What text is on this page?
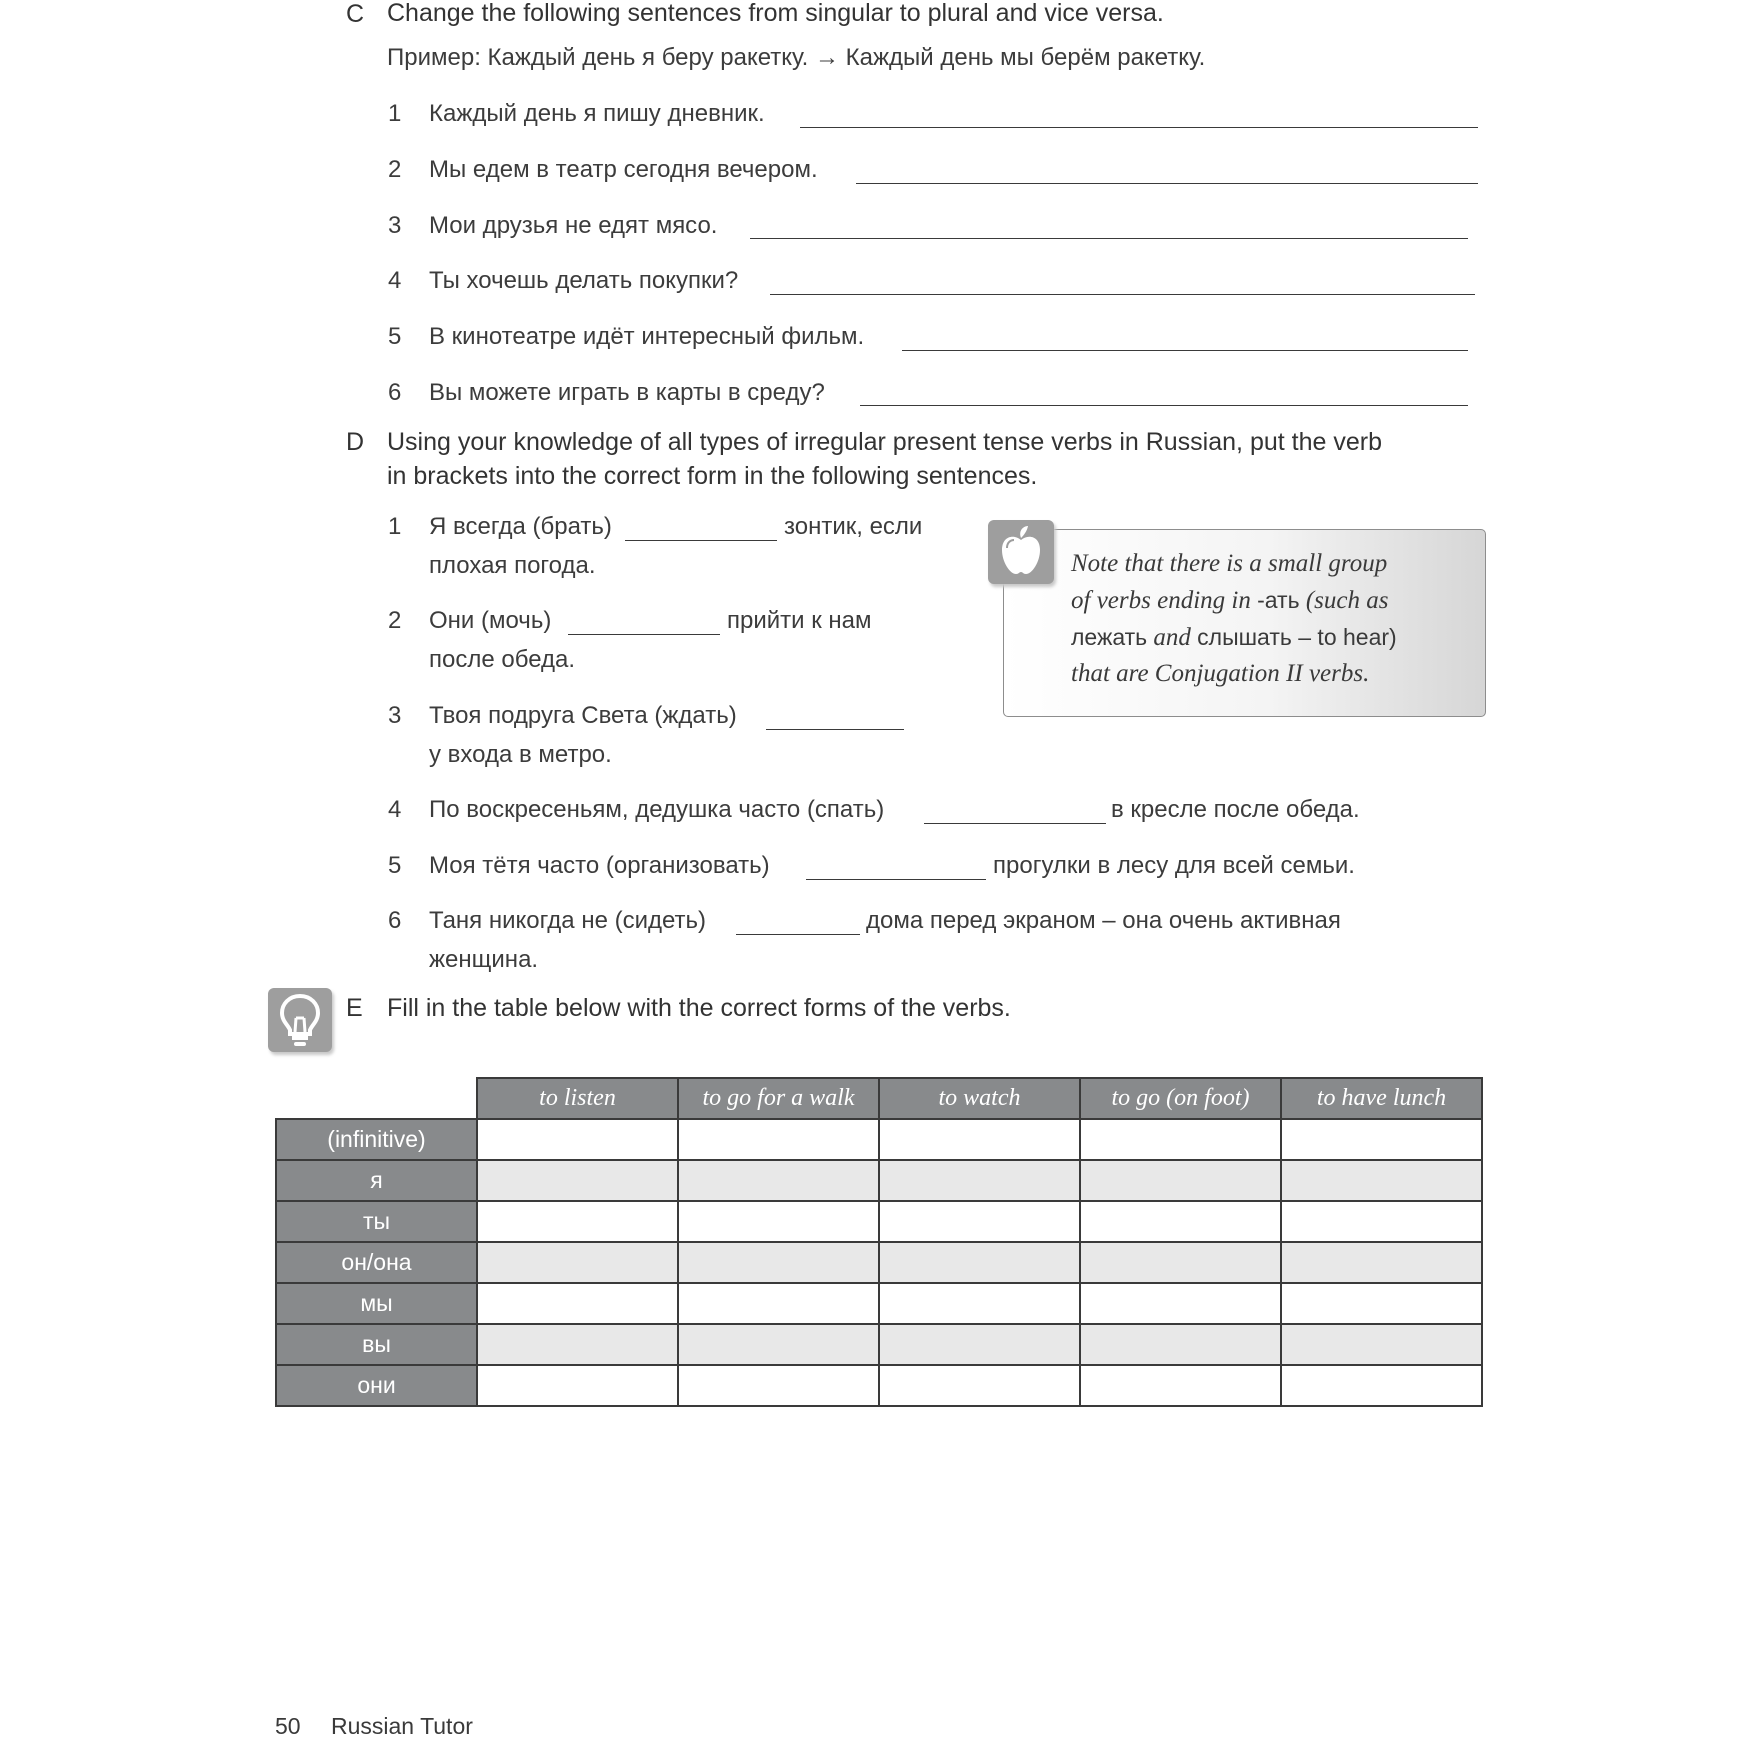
C Change the following sentences from singular to plural and vice versa.
Пример: Каждый день я беру ракетку. → Каждый день мы берём ракетку.
1 Каждый день я пишу дневник.
2 Мы едем в театр сегодня вечером.
3 Мои друзья не едят мясо.
4 Ты хочешь делать покупки?
5 В кинотеатре идёт интересный фильм.
6 Вы можете играть в карты в среду?
D Using your knowledge of all types of irregular present tense verbs in Russian, put the verb
in brackets into the correct form in the following sentences.
1 Я всегда (брать)	зонтик, если
плохая погода.
2 Они (мочь)	прийти к нам
после обеда.
3 Твоя подруга Света (ждать)
у входа в метро.
4 По воскресеньям, дедушка часто (спать)	в кресле после обеда.
5 Моя тётя часто (организовать)	прогулки в лесу для всей семьи.
6 Таня никогда не (сидеть)	дома перед экраном – она очень активная
женщина.
Note that there is a small group
of verbs ending in -ать (such as
лежать and слышать – to hear)
that are Conjugation II verbs.
E Fill in the table below with the correct forms of the verbs.
	to listen	to go for a walk	to watch	to go (on foot)	to have lunch
(infinitive)					
я					
ты					
он/она					
мы					
вы					
они					
50 Russian Tutor
